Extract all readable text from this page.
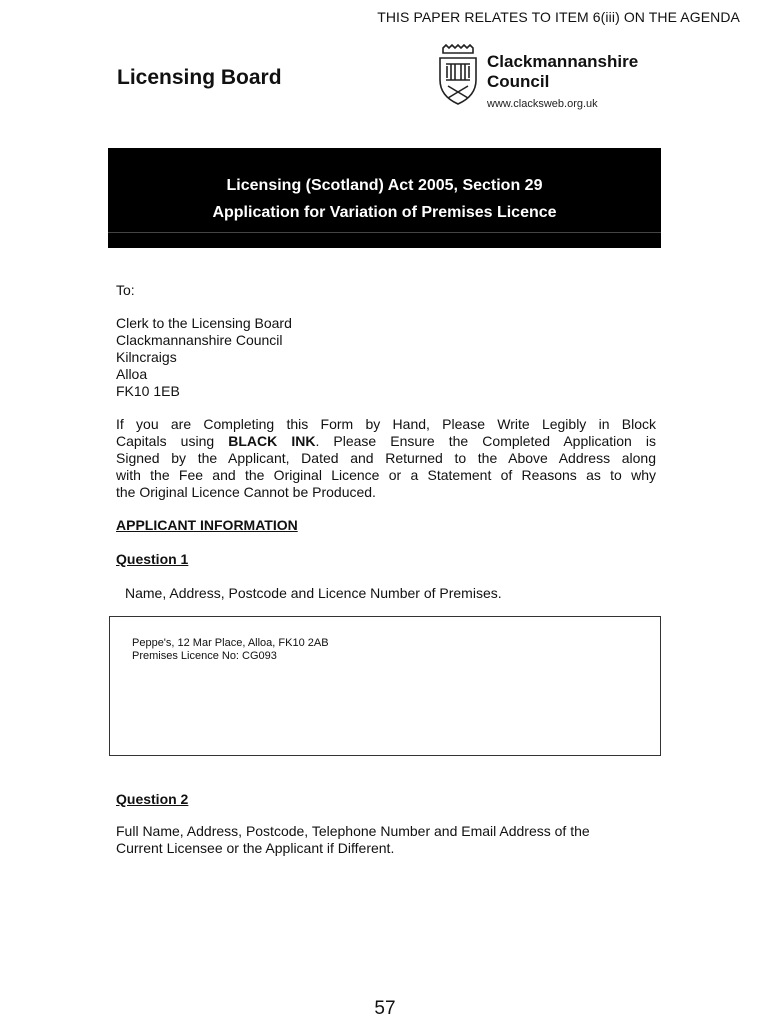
THIS PAPER RELATES TO ITEM 6(iii) ON THE AGENDA
Licensing Board
Clackmannanshire
Council
www.clacksweb.org.uk
Licensing (Scotland) Act 2005, Section 29
Application for Variation of Premises Licence
To:
Clerk to the Licensing Board
Clackmannanshire Council
Kilncraigs
Alloa
FK10 1EB
If you are Completing this Form by Hand, Please Write Legibly in Block
Capitals using BLACK INK. Please Ensure the Completed Application is
Signed by the Applicant, Dated and Returned to the Above Address along
with the Fee and the Original Licence or a Statement of Reasons as to why
the Original Licence Cannot be Produced.
APPLICANT INFORMATION
Question 1
Name, Address, Postcode and Licence Number of Premises.
Peppe's, 12 Mar Place, Alloa, FK10 2AB
Premises Licence No: CG093
Question 2
Full Name, Address, Postcode, Telephone Number and Email Address of the
Current Licensee or the Applicant if Different.
57
